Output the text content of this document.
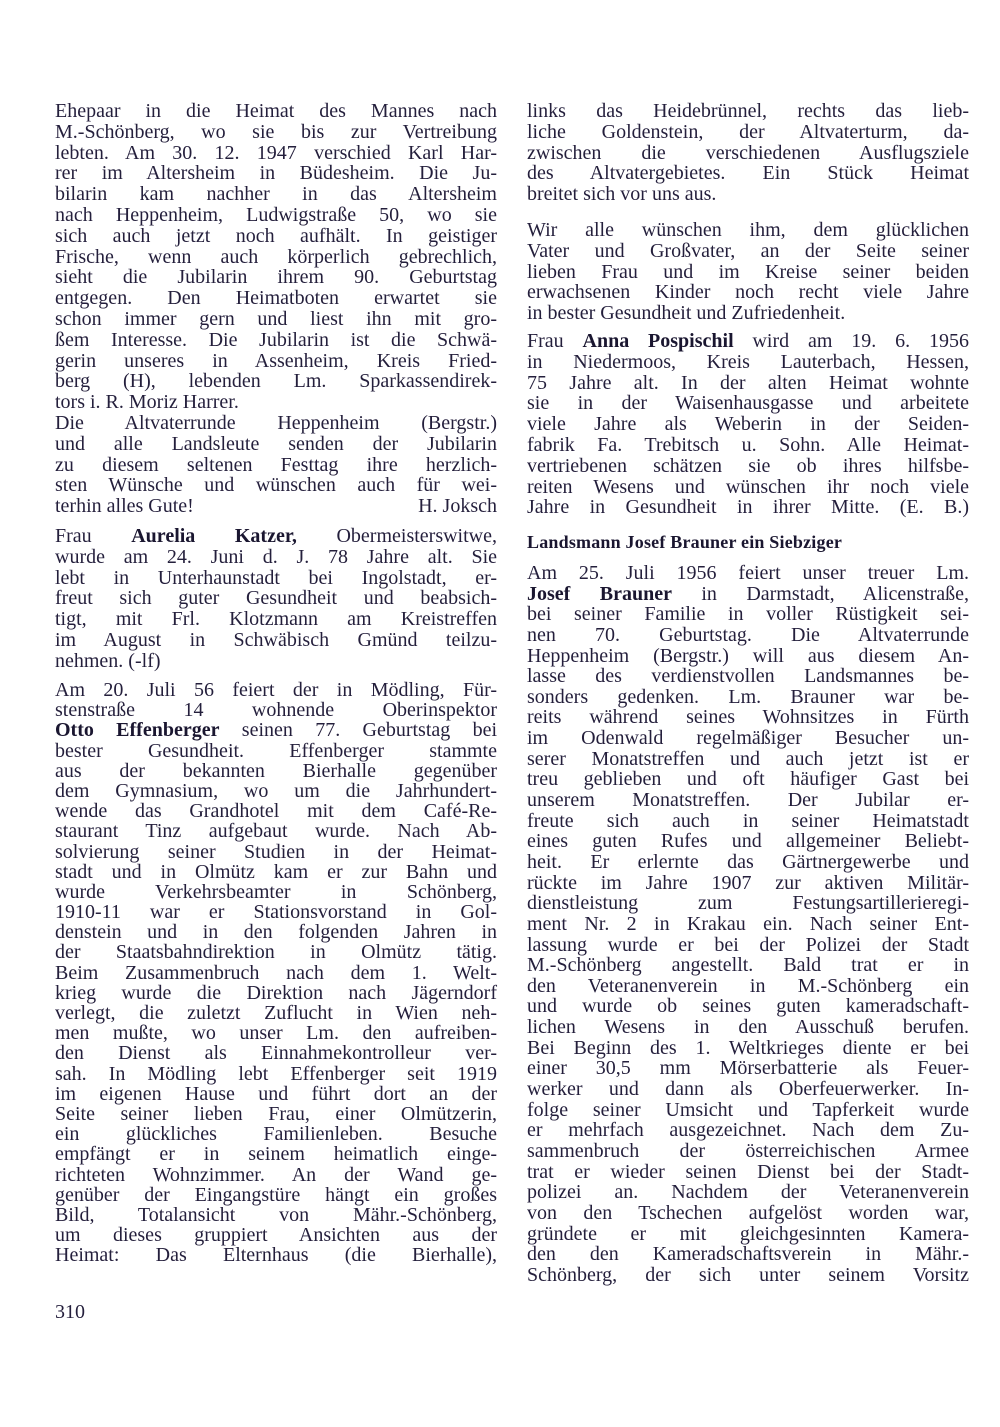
Ehepaar in die Heimat des Mannes nach
M.-Schönberg, wo sie bis zur Vertreibung
lebten. Am 30. 12. 1947 verschied Karl Har-
rer im Altersheim in Büdesheim. Die Ju-
bilarin kam nachher in das Altersheim
nach Heppenheim, Ludwigstraße 50, wo sie
sich auch jetzt noch aufhält. In geistiger
Frische, wenn auch körperlich gebrechlich,
sieht die Jubilarin ihrem 90. Geburtstag
entgegen. Den Heimatboten erwartet sie
schon immer gern und liest ihn mit gro-
ßem Interesse. Die Jubilarin ist die Schwä-
gerin unseres in Assenheim, Kreis Fried-
berg (H), lebenden Lm. Sparkassendirek-
tors i. R. Moriz Harrer.
Die Altvaterrunde Heppenheim (Bergstr.)
und alle Landsleute senden der Jubilarin
zu diesem seltenen Festtag ihre herzlich-
sten Wünsche und wünschen auch für wei-
terhin alles Gute!	H. Joksch
Frau Aurelia Katzer, Obermeisterswitwe,
wurde am 24. Juni d. J. 78 Jahre alt. Sie
lebt in Unterhaunstadt bei Ingolstadt, er-
freut sich guter Gesundheit und beabsich-
tigt, mit Frl. Klotzmann am Kreistreffen
im August in Schwäbisch Gmünd teilzu-
nehmen. (-lf)
Am 20. Juli 56 feiert der in Mödling, Für-
stenstraße 14 wohnende Oberinspektor
Otto Effenberger seinen 77. Geburtstag bei
bester Gesundheit. Effenberger stammte
aus der bekannten Bierhalle gegenüber
dem Gymnasium, wo um die Jahrhundert-
wende das Grandhotel mit dem Café-Re-
staurant Tinz aufgebaut wurde. Nach Ab-
solvierung seiner Studien in der Heimat-
stadt und in Olmütz kam er zur Bahn und
wurde Verkehrsbeamter in Schönberg,
1910-11 war er Stationsvorstand in Gol-
denstein und in den folgenden Jahren in
der Staatsbahndirektion in Olmütz tätig.
Beim Zusammenbruch nach dem 1. Welt-
krieg wurde die Direktion nach Jägerndorf
verlegt, die zuletzt Zuflucht in Wien neh-
men mußte, wo unser Lm. den aufreiben-
den Dienst als Einnahmekontrolleur ver-
sah. In Mödling lebt Effenberger seit 1919
im eigenen Hause und führt dort an der
Seite seiner lieben Frau, einer Olmützerin,
ein glückliches Familienleben. Besuche
empfängt er in seinem heimatlich einge-
richteten Wohnzimmer. An der Wand ge-
genüber der Eingangstüre hängt ein großes
Bild, Totalansicht von Mähr.-Schönberg,
um dieses gruppiert Ansichten aus der
Heimat: Das Elternhaus (die Bierhalle),
links das Heidebrünnel, rechts das lieb-
liche Goldenstein, der Altvaterturm, da-
zwischen die verschiedenen Ausflugsziele
des Altvatergebietes. Ein Stück Heimat
breitet sich vor uns aus.
Wir alle wünschen ihm, dem glücklichen
Vater und Großvater, an der Seite seiner
lieben Frau und im Kreise seiner beiden
erwachsenen Kinder noch recht viele Jahre
in bester Gesundheit und Zufriedenheit.
Frau Anna Pospischil wird am 19. 6. 1956
in Niedermoos, Kreis Lauterbach, Hessen,
75 Jahre alt. In der alten Heimat wohnte
sie in der Waisenhausgasse und arbeitete
viele Jahre als Weberin in der Seiden-
fabrik Fa. Trebitsch u. Sohn. Alle Heimat-
vertriebenen schätzen sie ob ihres hilfsbe-
reiten Wesens und wünschen ihr noch viele
Jahre in Gesundheit in ihrer Mitte. (E. B.)
Landsmann Josef Brauner ein Siebziger
Am 25. Juli 1956 feiert unser treuer Lm.
Josef Brauner in Darmstadt, Alicenstraße,
bei seiner Familie in voller Rüstigkeit sei-
nen 70. Geburtstag. Die Altvaterrunde
Heppenheim (Bergstr.) will aus diesem An-
lasse des verdienstvollen Landsmannes be-
sonders gedenken. Lm. Brauner war be-
reits während seines Wohnsitzes in Fürth
im Odenwald regelmäßiger Besucher un-
serer Monatstreffen und auch jetzt ist er
treu geblieben und oft häufiger Gast bei
unserem Monatstreffen. Der Jubilar er-
freute sich auch in seiner Heimatstadt
eines guten Rufes und allgemeiner Beliebt-
heit. Er erlernte das Gärtnergewerbe und
rückte im Jahre 1907 zur aktiven Militär-
dienstleistung zum Festungsartillerieregi-
ment Nr. 2 in Krakau ein. Nach seiner Ent-
lassung wurde er bei der Polizei der Stadt
M.-Schönberg angestellt. Bald trat er in
den Veteranenverein in M.-Schönberg ein
und wurde ob seines guten kameradschaft-
lichen Wesens in den Ausschuß berufen.
Bei Beginn des 1. Weltkrieges diente er bei
einer 30,5 mm Mörserbatterie als Feuer-
werker und dann als Oberfeuerwerker. In-
folge seiner Umsicht und Tapferkeit wurde
er mehrfach ausgezeichnet. Nach dem Zu-
sammenbruch der österreichischen Armee
trat er wieder seinen Dienst bei der Stadt-
polizei an. Nachdem der Veteranenverein
von den Tschechen aufgelöst worden war,
gründete er mit gleichgesinnten Kamera-
den den Kameradschaftsverein in Mähr.-
Schönberg, der sich unter seinem Vorsitz
310
